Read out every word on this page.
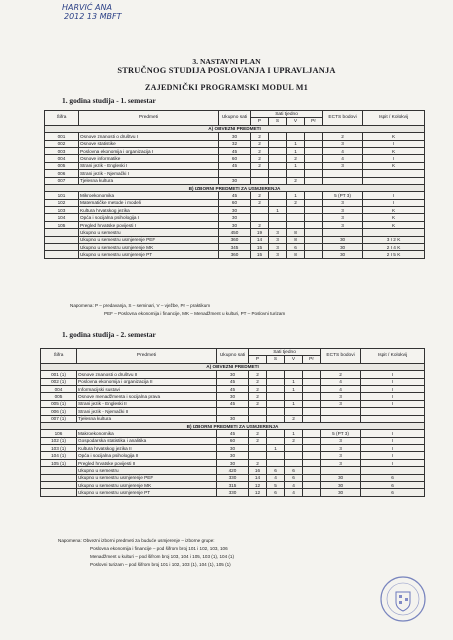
HARVIĆ ANA
2012 13 MBFT
3. NASTAVNI PLAN
STRUČNOG STUDIJA POSLOVANJA I UPRAVLJANJA
ZAJEDNIČKI PROGRAMSKI MODUL M1
1. godina studija - 1. semestar
Šifra	Predmeti	Ukupno sati	Sati tjedno				ECTS bodovi	Ispit / Kolokvij
			P	S	V	Pr		
A) OBVEZNI PREDMETI								
001	Osnove znanosti o društvu I	30	2				2	K
002	Osnove statistike	32	2		1		3	I
003	Poslovna ekonomija i organizacija I	45	2		1		4	K
004	Osnove informatike	60	2		2		4	I
005	Strani jezik - Engleski I	45	2		1		3	K
006	Strani jezik - Njemački I							
007	Tjelesna kultura	30			2			
B) IZBORNI PREDMETI ZA USMJERENJA								
101	Mikroekonomika	45	2		1		5 (PT 3)	I
102	Matematičke metode i modeli	60	2		2		3	I
103	Kultura hrvatskog jezika	30		1			3	K
104	Opća i socijalna psihologija I	30					3	K
105	Pregled hrvatske povijesti I	30	2				3	K
	Ukupno u semestru	450	19	3	8			
	Ukupno u semestru usmjerenje PEF	360	14	3	8		30	3 I 2 K
	Ukupno u semestru usmjerenje MK	345	15	3	6		30	2 I 4 K
	Ukupno u semestru usmjerenje PT	360	15	3	8		30	2 I 5 K
Napomena: P – predavanja, S – seminari, V – vježbe, Pr – praktikum
PEF – Poslovna ekonomija i financije, MK – Menadžment u kulturi, PT – Poslovni turizam
1. godina studija - 2. semestar
Šifra	Predmeti	Ukupno sati	Sati tjedno				ECTS bodovi	Ispit / Kolokvij
			P	S	V	Pr		
A) OBVEZNI PREDMETI								
001 (1)	Osnove znanosti o društvu II	30	2				2	I
002 (1)	Poslovna ekonomija i organizacija II	45	2		1		4	I
004	Informacijski sustavi	45	2		1		4	I
005	Osnove menadžmenta i socijalna prava	30	2				3	I
005 (1)	Strani jezik - Engleski II	45	2		1		3	I
006 (1)	Strani jezik - Njemački II							
007 (1)	Tjelesna kultura	30			2			
B) IZBORNI PREDMETI ZA USMJERENJA								
106	Makroekonomika	45	2		1		5 (PT 3)	I
102 (1)	Gospodarska statistika i analitika	60	2		2		3	I
103 (1)	Kultura hrvatskog jezika II	30		1			3	I
104 (1)	Opća i socijalna psihologija II	30					3	I
105 (1)	Pregled hrvatske povijesti II	30	2				3	I
	Ukupno u semestru	420	16	6	6			
	Ukupno u semestru usmjerenje PEF	330	14	4	6		30	6
	Ukupno u semestru usmjerenje MK	315	12	5	4		30	6
	Ukupno u semestru usmjerenje PT	330	12	6	4		30	6
Napomena: Obvezni izborni predmeti za buduće usmjerenje – izborne grupe:
Poslovna ekonomija i financije – pod šifrom broj 101 i 102, 103, 106
Menadžment u kulturi – pod šifrom broj 103, 104 i 105, 103 (1), 104 (1)
Poslovni turizam – pod šifrom broj 101 i 102, 103 (1), 104 (1), 105 (1)
